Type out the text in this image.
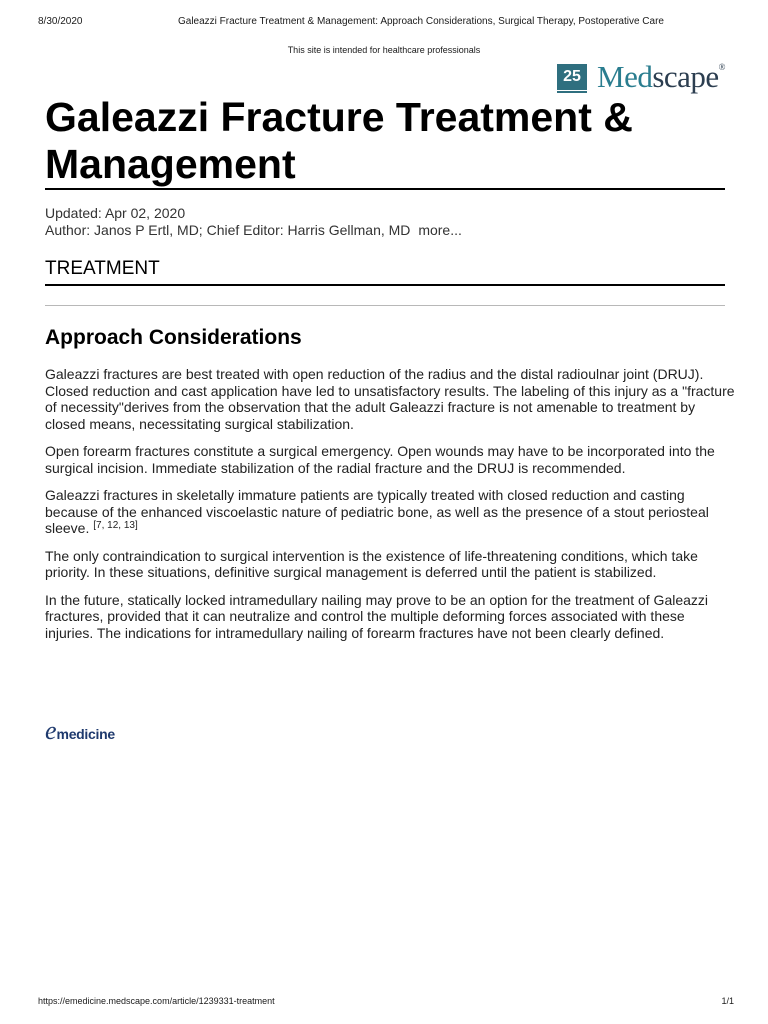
8/30/2020	Galeazzi Fracture Treatment & Management: Approach Considerations, Surgical Therapy, Postoperative Care
This site is intended for healthcare professionals
25 Medscape®
Galeazzi Fracture Treatment & Management
Updated: Apr 02, 2020
Author: Janos P Ertl, MD; Chief Editor: Harris Gellman, MD more...
TREATMENT
Approach Considerations

Galeazzi fractures are best treated with open reduction of the radius and the distal radioulnar joint (DRUJ). Closed reduction and cast application have led to unsatisfactory results. The labeling of this injury as a "fracture of necessity"derives from the observation that the adult Galeazzi fracture is not amenable to treatment by closed means, necessitating surgical stabilization.

Open forearm fractures constitute a surgical emergency. Open wounds may have to be incorporated into the surgical incision. Immediate stabilization of the radial fracture and the DRUJ is recommended.

Galeazzi fractures in skeletally immature patients are typically treated with closed reduction and casting because of the enhanced viscoelastic nature of pediatric bone, as well as the presence of a stout periosteal sleeve. [7, 12, 13]

The only contraindication to surgical intervention is the existence of life-threatening conditions, which take priority. In these situations, definitive surgical management is deferred until the patient is stabilized.

In the future, statically locked intramedullary nailing may prove to be an option for the treatment of Galeazzi fractures, provided that it can neutralize and control the multiple deforming forces associated with these injuries. The indications for intramedullary nailing of forearm fractures have not been clearly defined.

emedicine
https://emedicine.medscape.com/article/1239331-treatment	1/1
